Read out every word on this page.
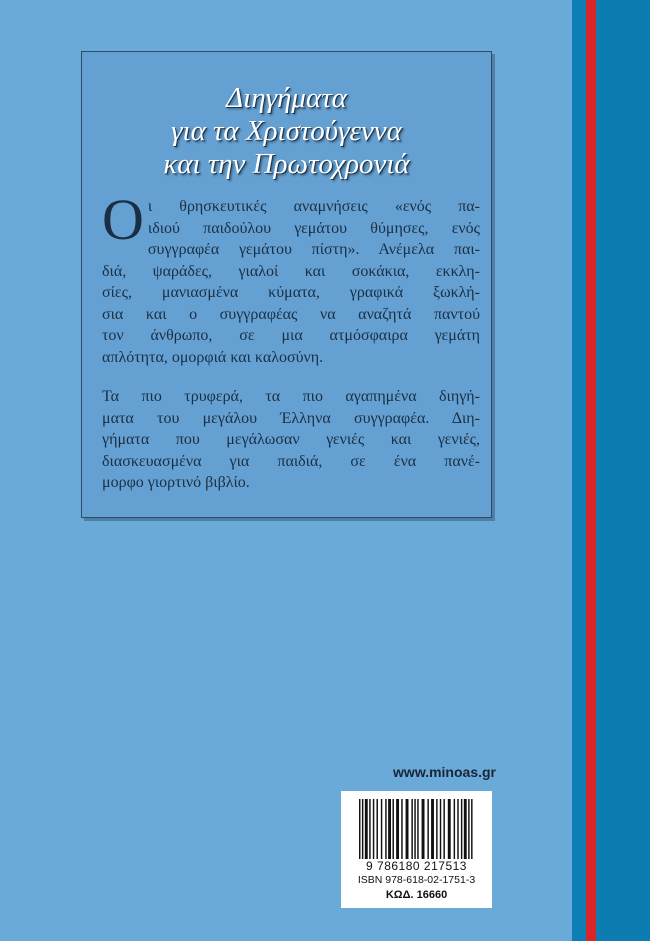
Διηγήματα
για τα Χριστούγεννα
και την Πρωτοχρονιά
Ο ι θρησκευτικές αναμνήσεις «ενός πα-
ιδιού παιδούλου γεμάτου θύμησες, ενός
συγγραφέα γεμάτου πίστη». Ανέμελα παι-
διά, ψαράδες, γιαλοί και σοκάκια, εκκλη-
σίες, μανιασμένα κύματα, γραφικά ξωκλή-
σια και ο συγγραφέας να αναζητά παντού
τον άνθρωπο, σε μια ατμόσφαιρα γεμάτη
απλότητα, ομορφιά και καλοσύνη.
Τα πιο τρυφερά, τα πιο αγαπημένα διηγή-
ματα του μεγάλου Έλληνα συγγραφέα. Διη-
γήματα που μεγάλωσαν γενιές και γενιές,
διασκευασμένα για παιδιά, σε ένα πανέ-
μορφο γιορτινό βιβλίο.
www.minoas.gr
9 786180 217513
ISBN 978-618-02-1751-3
ΚΩΔ. 16660
